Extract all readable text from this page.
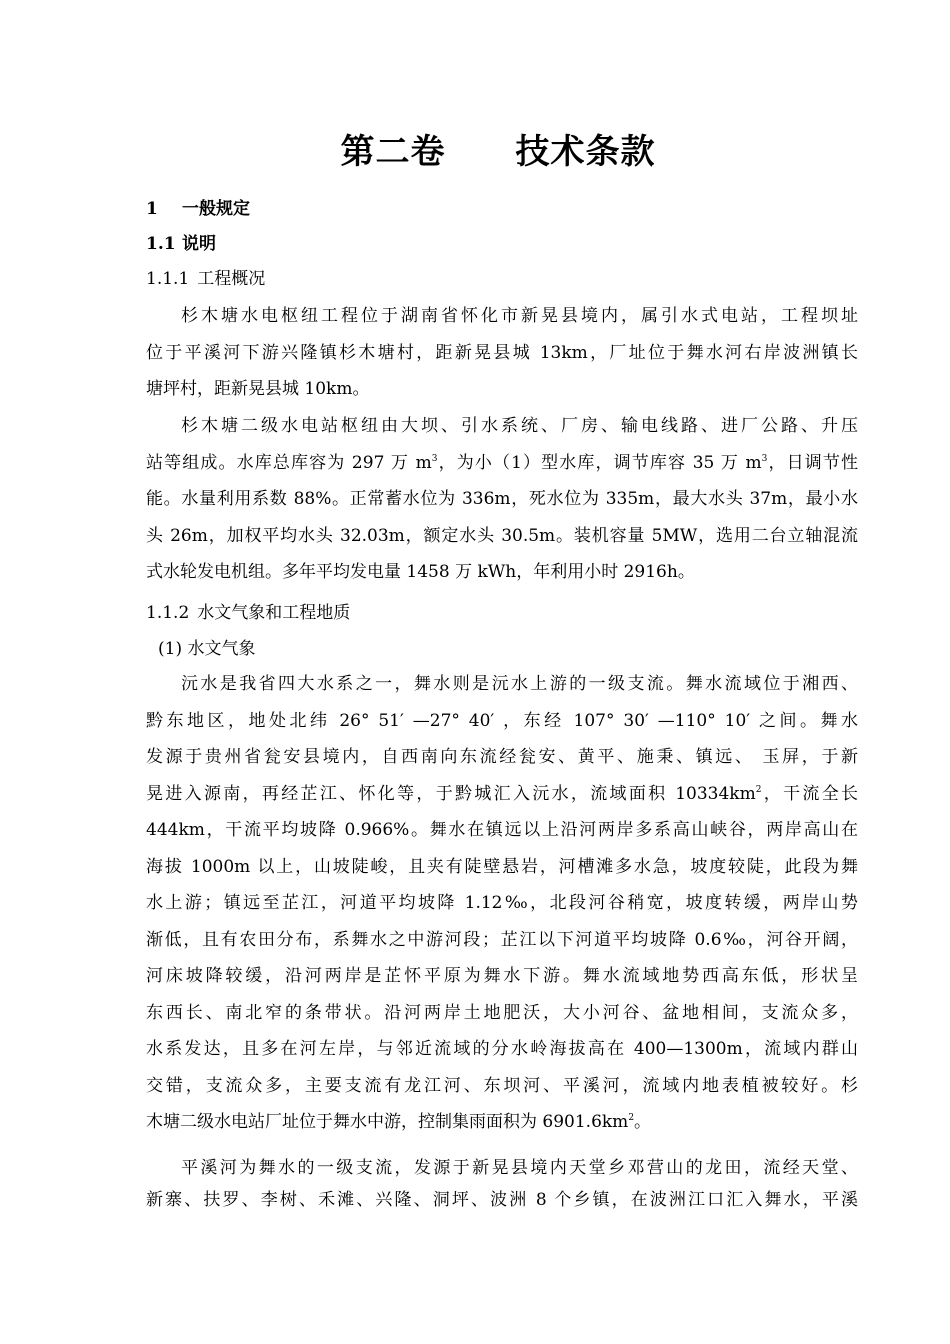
第二卷　　技术条款
1 一般规定
1.1 说明
1.1.1 工程概况
杉木塘水电枢纽工程位于湖南省怀化市新晃县境内，属引水式电站，工程坝址
位于平溪河下游兴隆镇杉木塘村，距新晃县城 13km，厂址位于舞水河右岸波洲镇长
塘坪村，距新晃县城 10km。
杉木塘二级水电站枢纽由大坝、引水系统、厂房、输电线路、进厂公路、升压
站等组成。水库总库容为 297 万 $m^3$，为小（1）型水库，调节库容 35 万 $m^3$，日调节性
能。水量利用系数 88%。正常蓄水位为 336m，死水位为 335m，最大水头 37m，最小水
头 26m，加权平均水头 32.03m，额定水头 30.5m。装机容量 5MW，选用二台立轴混流
式水轮发电机组。多年平均发电量 1458 万 kWh，年利用小时 2916h。
1.1.2 水文气象和工程地质
(1) 水文气象
沅水是我省四大水系之一，舞水则是沅水上游的一级支流。舞水流域位于湘西、
黔东地区，地处北纬 26° 51′ —27° 40′ ，东经 107° 30′ —110° 10′ 之间。舞水
发源于贵州省瓮安县境内，自西南向东流经瓮安、黄平、施秉、镇远、 玉屏，于新
晃进入源南，再经芷江、怀化等，于黔城汇入沅水，流域面积 $10334km^2$，干流全长
444km，干流平均坡降 0.966%。舞水在镇远以上沿河两岸多系高山峡谷，两岸高山在
海拔 1000m 以上，山坡陡峻，且夹有陡壁悬岩，河槽滩多水急，坡度较陡，此段为舞
水上游；镇远至芷江，河道平均坡降 1.12‰，北段河谷稍宽，坡度转缓，两岸山势
渐低，且有农田分布，系舞水之中游河段；芷江以下河道平均坡降 0.6‰，河谷开阔，
河床坡降较缓，沿河两岸是芷怀平原为舞水下游。舞水流域地势西高东低，形状呈
东西长、南北窄的条带状。沿河两岸土地肥沃，大小河谷、盆地相间，支流众多，
水系发达，且多在河左岸，与邻近流域的分水岭海拔高在 400—1300m，流域内群山
交错，支流众多，主要支流有龙江河、东坝河、平溪河，流域内地表植被较好。杉
木塘二级水电站厂址位于舞水中游，控制集雨面积为 $6901.6km^2$。
平溪河为舞水的一级支流，发源于新晃县境内天堂乡邓营山的龙田，流经天堂、
新寨、扶罗、李树、禾滩、兴隆、洞坪、波洲 8 个乡镇，在波洲江口汇入舞水，平溪
